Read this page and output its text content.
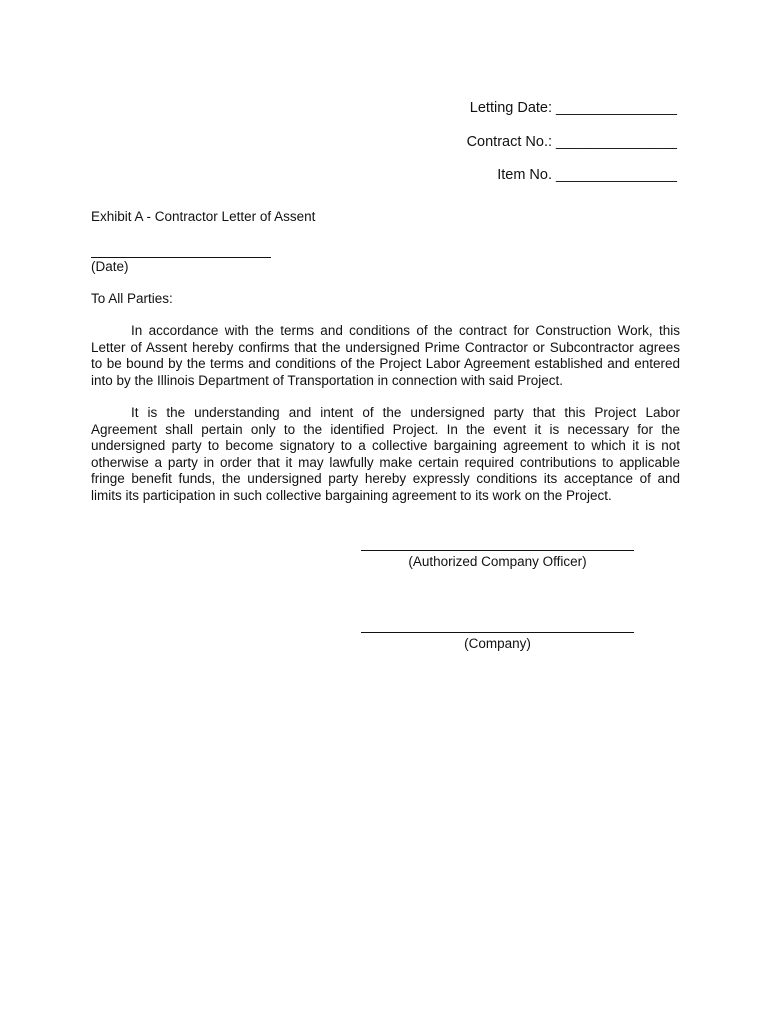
Letting Date: _______________
Contract No.: _______________
Item No. _______________
Exhibit A - Contractor Letter of Assent
(Date)
To All Parties:

In accordance with the terms and conditions of the contract for Construction Work, this Letter of Assent hereby confirms that the undersigned Prime Contractor or Subcontractor agrees to be bound by the terms and conditions of the Project Labor Agreement established and entered into by the Illinois Department of Transportation in connection with said Project.

It is the understanding and intent of the undersigned party that this Project Labor Agreement shall pertain only to the identified Project. In the event it is necessary for the undersigned party to become signatory to a collective bargaining agreement to which it is not otherwise a party in order that it may lawfully make certain required contributions to applicable fringe benefit funds, the undersigned party hereby expressly conditions its acceptance of and limits its participation in such collective bargaining agreement to its work on the Project.

(Authorized Company Officer)
(Company)
